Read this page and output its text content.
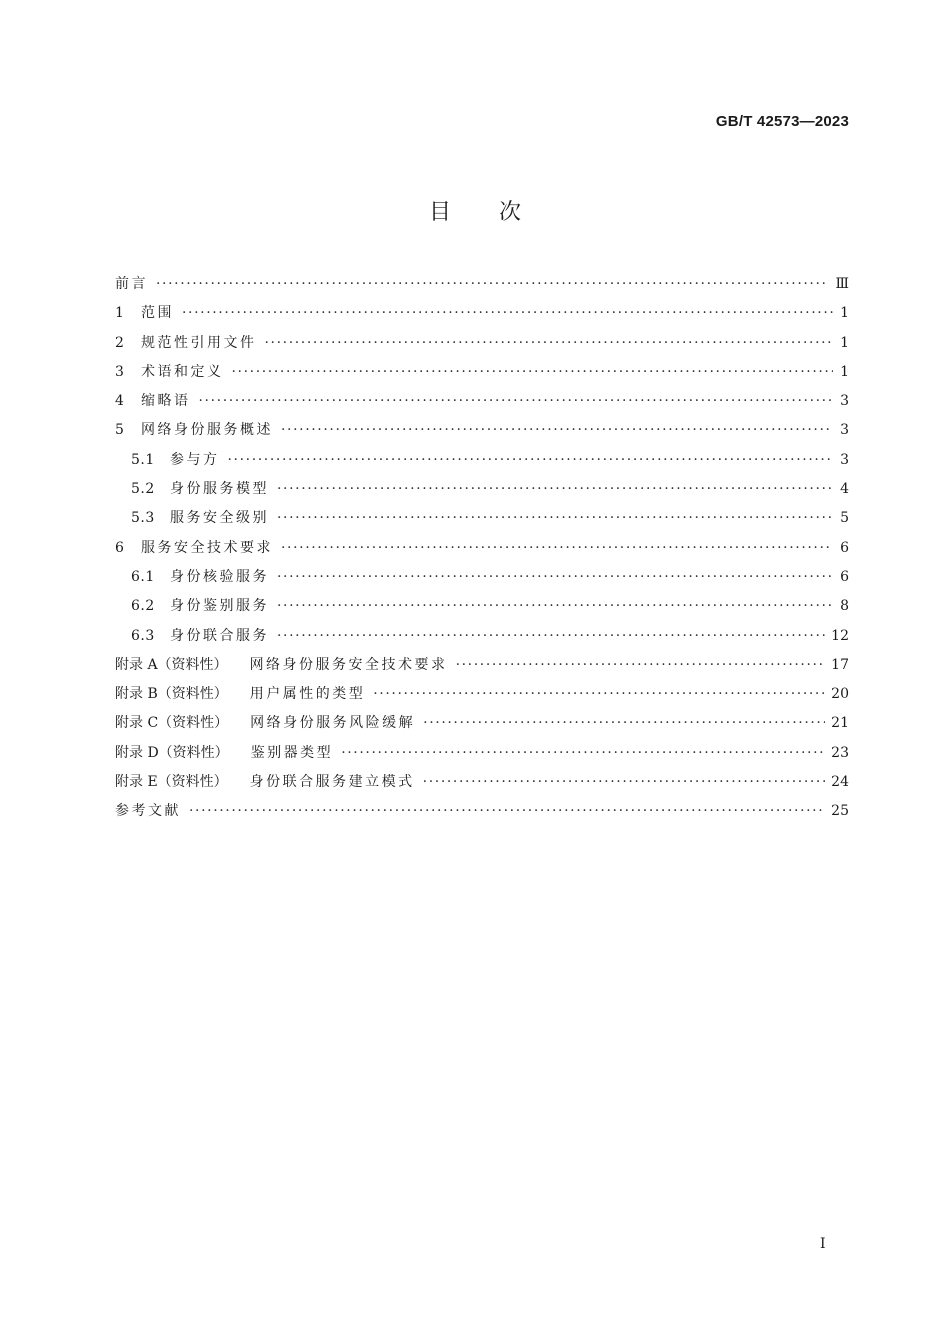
GB/T 42573—2023
目次
前言 ·····	Ⅲ
1	范围 ·····	1
2	规范性引用文件 ·····	1
3	术语和定义 ·····	1
4	缩略语 ·····	3
5	网络身份服务概述 ·····	3
5.1	参与方 ·····	3
5.2	身份服务模型 ·····	4
5.3	服务安全级别 ·····	5
6	服务安全技术要求 ·····	6
6.1	身份核验服务 ·····	6
6.2	身份鉴别服务 ·····	8
6.3	身份联合服务 ·····	12
附录 A（资料性） 网络身份服务安全技术要求 ·····	17
附录 B（资料性） 用户属性的类型 ·····	20
附录 C（资料性） 网络身份服务风险缓解 ·····	21
附录 D（资料性） 鉴别器类型 ·····	23
附录 E（资料性） 身份联合服务建立模式 ·····	24
参考文献 ·····	25
I
